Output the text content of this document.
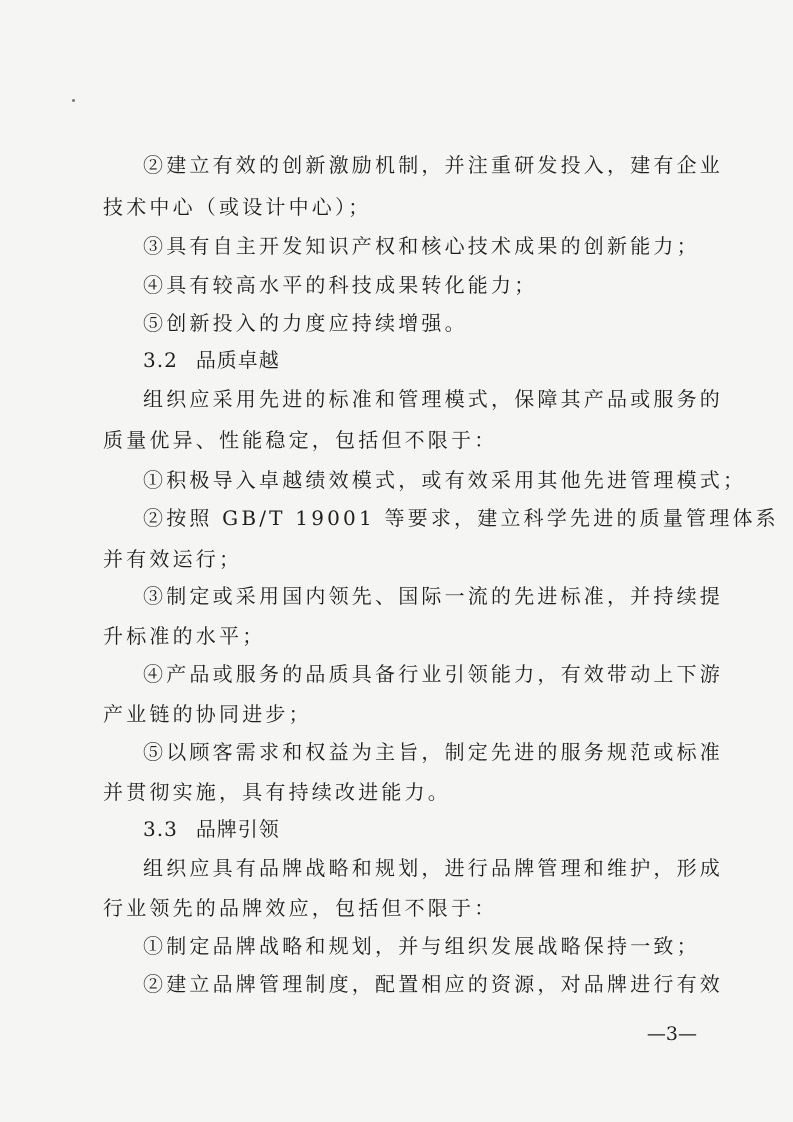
②建立有效的创新激励机制，并注重研发投入，建有企业
技术中心（或设计中心）；
③具有自主开发知识产权和核心技术成果的创新能力；
④具有较高水平的科技成果转化能力；
⑤创新投入的力度应持续增强。
3.2 品质卓越
组织应采用先进的标准和管理模式，保障其产品或服务的
质量优异、性能稳定，包括但不限于：
①积极导入卓越绩效模式，或有效采用其他先进管理模式；
②按照 GB/T 19001 等要求，建立科学先进的质量管理体系
并有效运行；
③制定或采用国内领先、国际一流的先进标准，并持续提
升标准的水平；
④产品或服务的品质具备行业引领能力，有效带动上下游
产业链的协同进步；
⑤以顾客需求和权益为主旨，制定先进的服务规范或标准
并贯彻实施，具有持续改进能力。
3.3 品牌引领
组织应具有品牌战略和规划，进行品牌管理和维护，形成
行业领先的品牌效应，包括但不限于：
①制定品牌战略和规划，并与组织发展战略保持一致；
②建立品牌管理制度，配置相应的资源，对品牌进行有效
—3—
